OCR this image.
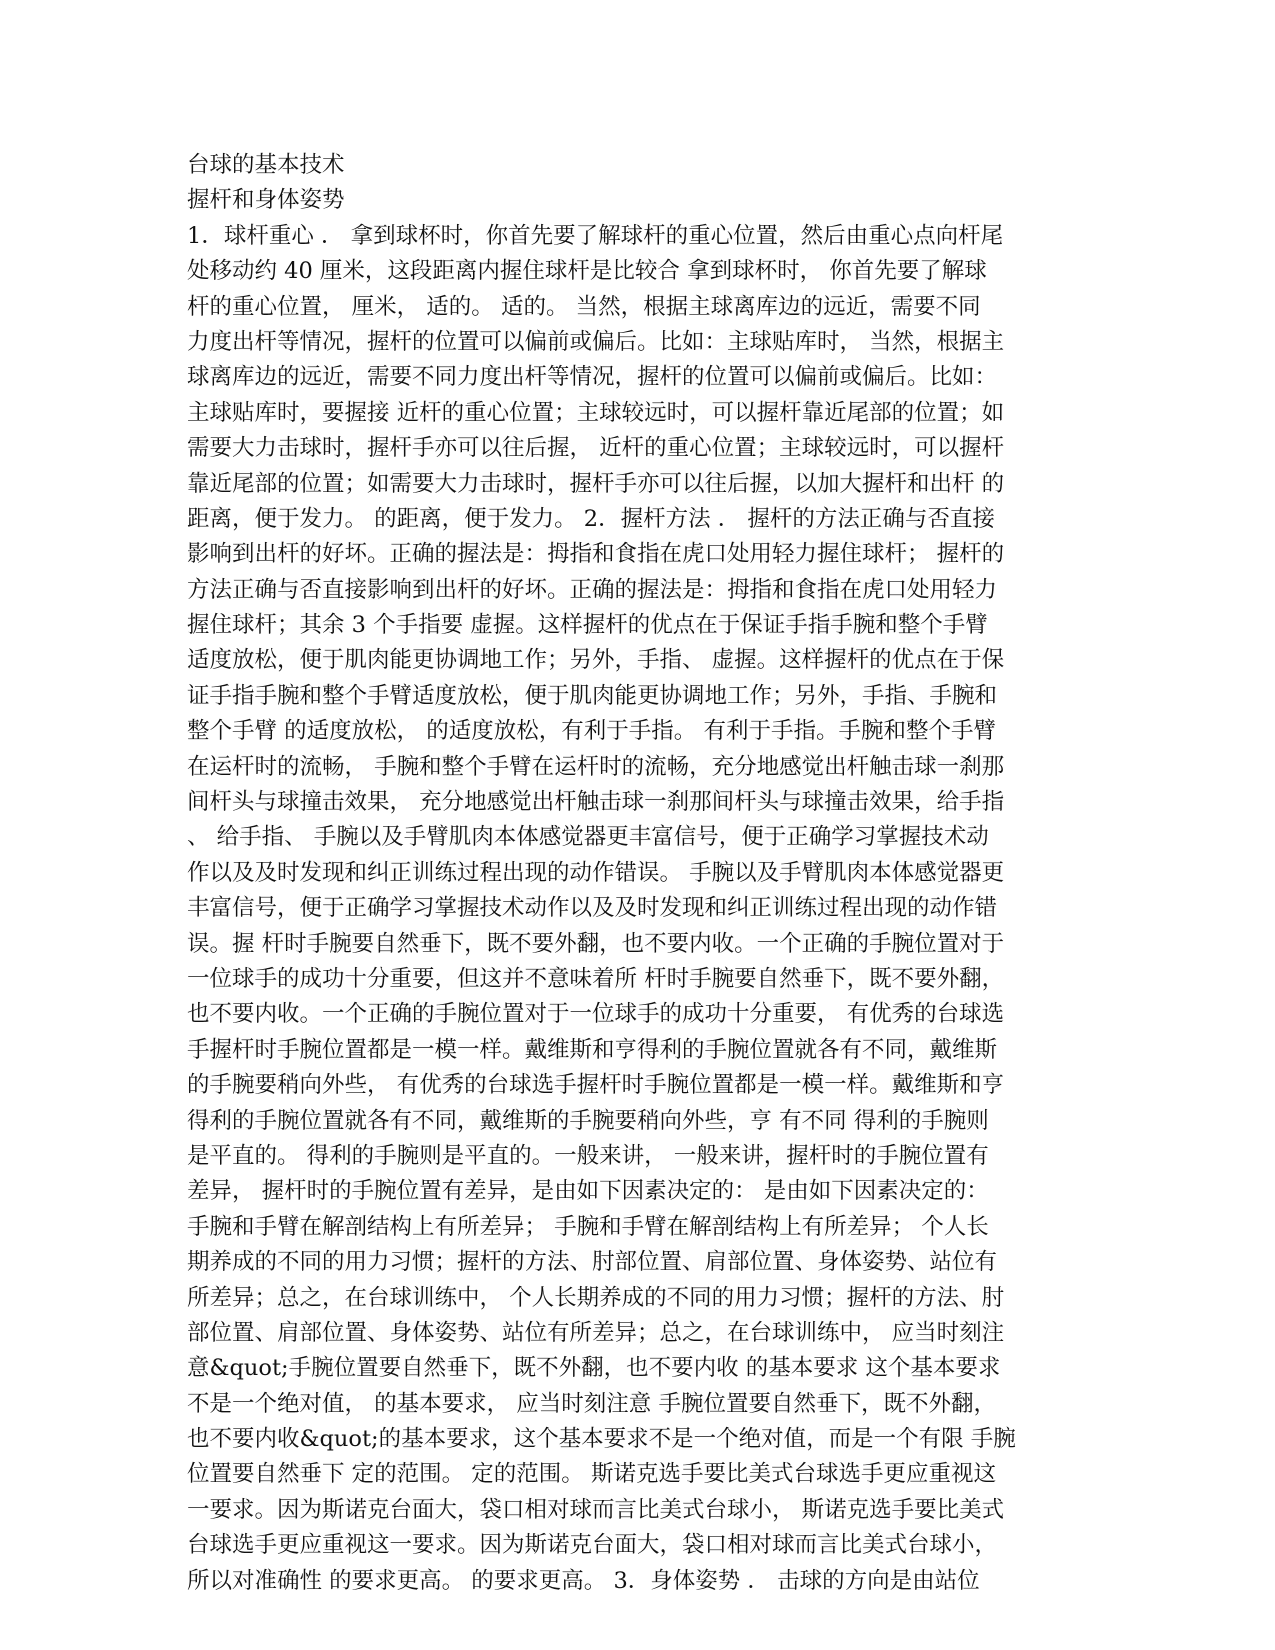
台球的基本技术
握杆和身体姿势
1．球杆重心 ． 拿到球杯时，你首先要了解球杆的重心位置，然后由重心点向杆尾
处移动约 40 厘米，这段距离内握住球杆是比较合 拿到球杯时， 你首先要了解球
杆的重心位置， 厘米， 适的。 适的。 当然，根据主球离库边的远近，需要不同
力度出杆等情况，握杆的位置可以偏前或偏后。比如：主球贴库时， 当然，根据主
球离库边的远近，需要不同力度出杆等情况，握杆的位置可以偏前或偏后。比如：
主球贴库时，要握接 近杆的重心位置；主球较远时，可以握杆靠近尾部的位置；如
需要大力击球时，握杆手亦可以往后握， 近杆的重心位置；主球较远时，可以握杆
靠近尾部的位置；如需要大力击球时，握杆手亦可以往后握，以加大握杆和出杆 的
距离，便于发力。 的距离，便于发力。 2．握杆方法 ． 握杆的方法正确与否直接
影响到出杆的好坏。正确的握法是：拇指和食指在虎口处用轻力握住球杆； 握杆的
方法正确与否直接影响到出杆的好坏。正确的握法是：拇指和食指在虎口处用轻力
握住球杆；其余 3 个手指要 虚握。这样握杆的优点在于保证手指手腕和整个手臂
适度放松，便于肌肉能更协调地工作；另外，手指、 虚握。这样握杆的优点在于保
证手指手腕和整个手臂适度放松，便于肌肉能更协调地工作；另外，手指、手腕和
整个手臂 的适度放松， 的适度放松，有利于手指。 有利于手指。手腕和整个手臂
在运杆时的流畅， 手腕和整个手臂在运杆时的流畅，充分地感觉出杆触击球一刹那
间杆头与球撞击效果， 充分地感觉出杆触击球一刹那间杆头与球撞击效果，给手指
、 给手指、 手腕以及手臂肌肉本体感觉器更丰富信号，便于正确学习掌握技术动
作以及及时发现和纠正训练过程出现的动作错误。 手腕以及手臂肌肉本体感觉器更
丰富信号，便于正确学习掌握技术动作以及及时发现和纠正训练过程出现的动作错
误。握 杆时手腕要自然垂下，既不要外翻，也不要内收。一个正确的手腕位置对于
一位球手的成功十分重要，但这并不意味着所 杆时手腕要自然垂下，既不要外翻，
也不要内收。一个正确的手腕位置对于一位球手的成功十分重要， 有优秀的台球选
手握杆时手腕位置都是一模一样。戴维斯和亨得利的手腕位置就各有不同，戴维斯
的手腕要稍向外些， 有优秀的台球选手握杆时手腕位置都是一模一样。戴维斯和亨
得利的手腕位置就各有不同，戴维斯的手腕要稍向外些，亨 有不同 得利的手腕则
是平直的。 得利的手腕则是平直的。一般来讲， 一般来讲，握杆时的手腕位置有
差异， 握杆时的手腕位置有差异，是由如下因素决定的： 是由如下因素决定的：
手腕和手臂在解剖结构上有所差异； 手腕和手臂在解剖结构上有所差异； 个人长
期养成的不同的用力习惯；握杆的方法、肘部位置、肩部位置、身体姿势、站位有
所差异；总之，在台球训练中， 个人长期养成的不同的用力习惯；握杆的方法、肘
部位置、肩部位置、身体姿势、站位有所差异；总之，在台球训练中， 应当时刻注
意&quot;手腕位置要自然垂下，既不外翻，也不要内收 的基本要求 这个基本要求
不是一个绝对值， 的基本要求， 应当时刻注意 手腕位置要自然垂下，既不外翻，
也不要内收&quot;的基本要求，这个基本要求不是一个绝对值，而是一个有限 手腕
位置要自然垂下 定的范围。 定的范围。 斯诺克选手要比美式台球选手更应重视这
一要求。因为斯诺克台面大，袋口相对球而言比美式台球小， 斯诺克选手要比美式
台球选手更应重视这一要求。因为斯诺克台面大，袋口相对球而言比美式台球小，
所以对准确性 的要求更高。 的要求更高。 3．身体姿势 ． 击球的方向是由站位
